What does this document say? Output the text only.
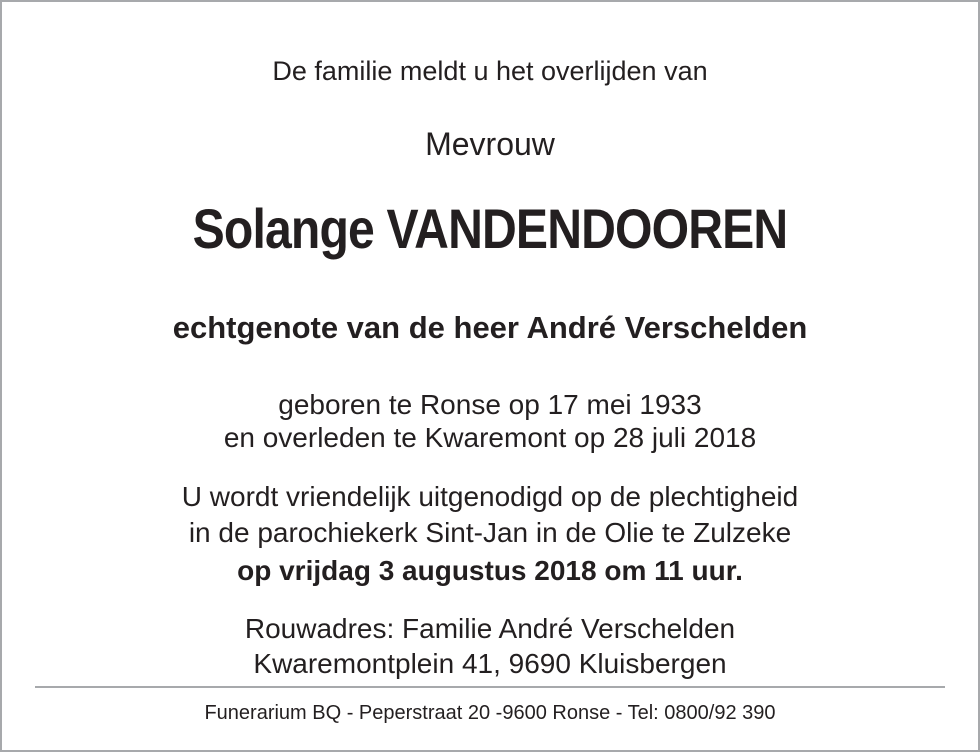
De familie meldt u het overlijden van
Mevrouw
Solange VANDENDOOREN
echtgenote van de heer André Verschelden
geboren te Ronse op 17 mei 1933
en overleden te Kwaremont op 28 juli 2018
U wordt vriendelijk uitgenodigd op de plechtigheid
in de parochiekerk Sint-Jan in de Olie te Zulzeke
op vrijdag 3 augustus 2018 om 11 uur.
Rouwadres: Familie André Verschelden
Kwaremontplein 41, 9690 Kluisbergen
Funerarium BQ - Peperstraat 20 -9600 Ronse - Tel: 0800/92 390
